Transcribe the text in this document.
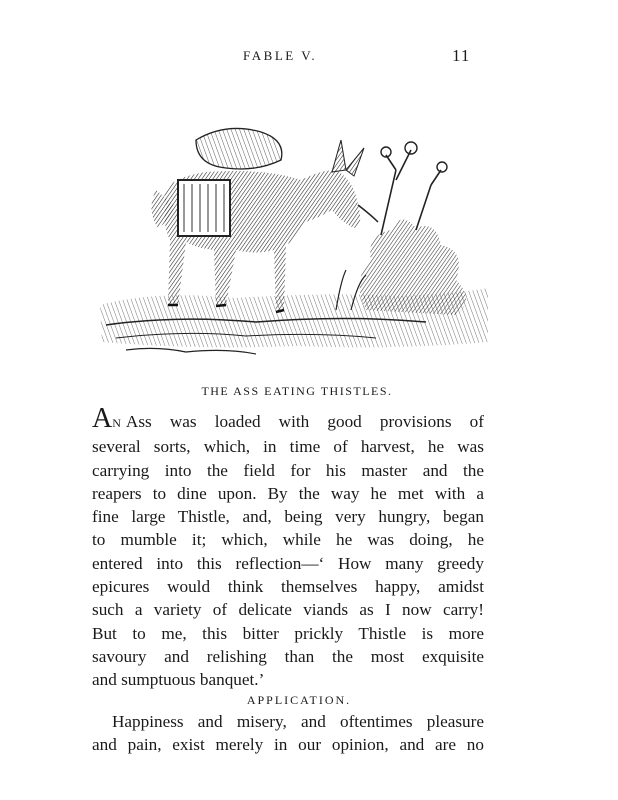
FABLE V.	11
THE ASS EATING THISTLES.
AN Ass was loaded with good provisions of
several sorts, which, in time of harvest, he was
carrying into the field for his master and the
reapers to dine upon. By the way he met with a
fine large Thistle, and, being very hungry, began
to mumble it; which, while he was doing, he
entered into this reflection—‘ How many greedy
epicures would think themselves happy, amidst
such a variety of delicate viands as I now carry!
But to me, this bitter prickly Thistle is more
savoury and relishing than the most exquisite
and sumptuous banquet.’
APPLICATION.
Happiness and misery, and oftentimes pleasure
and pain, exist merely in our opinion, and are no
